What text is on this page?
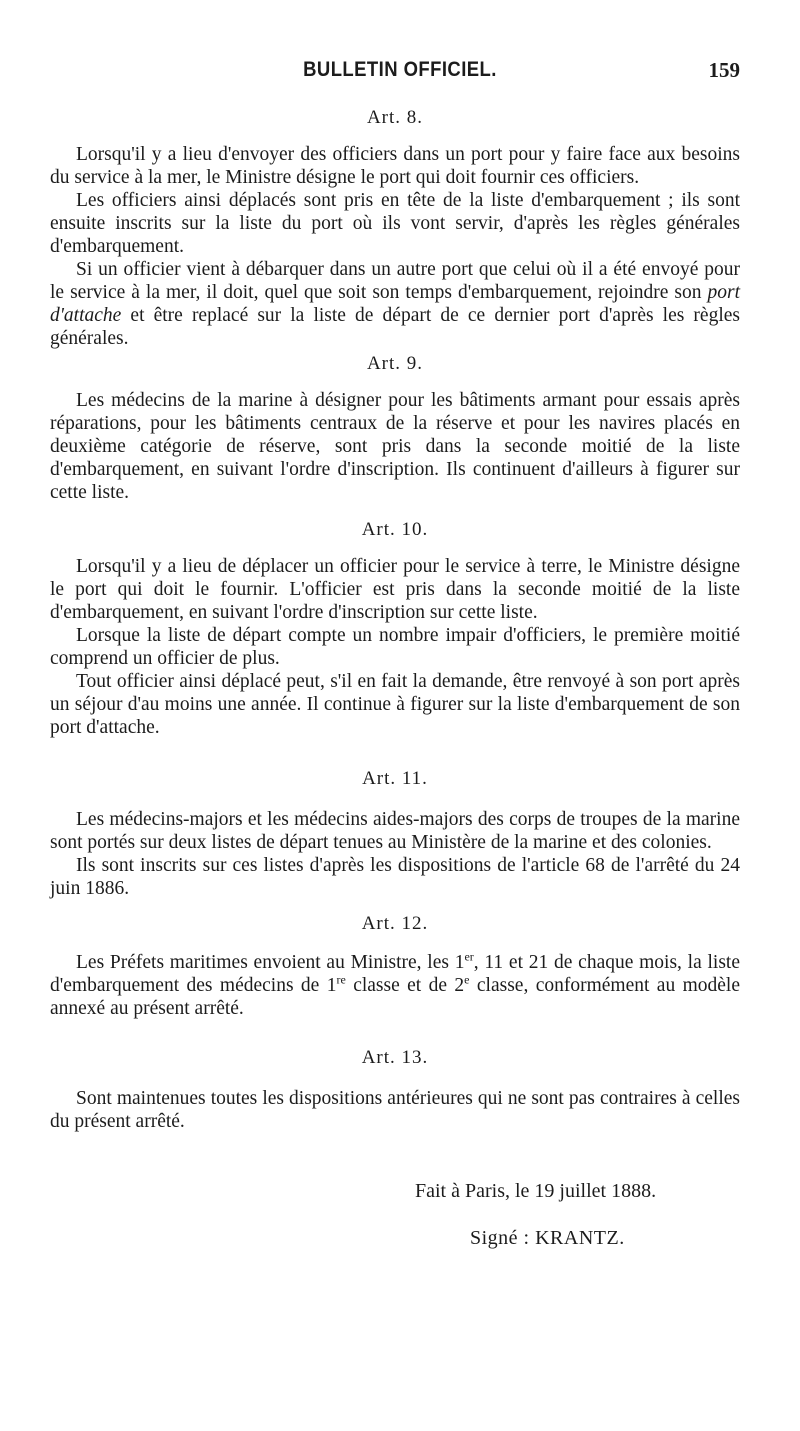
BULLETIN OFFICIEL.	159
Art. 8.

Lorsqu'il y a lieu d'envoyer des officiers dans un port pour y faire face aux besoins du service à la mer, le Ministre désigne le port qui doit fournir ces officiers.

Les officiers ainsi déplacés sont pris en tête de la liste d'embarquement ; ils sont ensuite inscrits sur la liste du port où ils vont servir, d'après les règles générales d'embarquement.

Si un officier vient à débarquer dans un autre port que celui où il a été envoyé pour le service à la mer, il doit, quel que soit son temps d'embarquement, rejoindre son port d'attache et être replacé sur la liste de départ de ce dernier port d'après les règles générales.

Art. 9.

Les médecins de la marine à désigner pour les bâtiments armant pour essais après réparations, pour les bâtiments centraux de la réserve et pour les navires placés en deuxième catégorie de réserve, sont pris dans la seconde moitié de la liste d'embarquement, en suivant l'ordre d'inscription. Ils continuent d'ailleurs à figurer sur cette liste.

Art. 10.

Lorsqu'il y a lieu de déplacer un officier pour le service à terre, le Ministre désigne le port qui doit le fournir. L'officier est pris dans la seconde moitié de la liste d'embarquement, en suivant l'ordre d'inscription sur cette liste.

Lorsque la liste de départ compte un nombre impair d'officiers, le première moitié comprend un officier de plus.

Tout officier ainsi déplacé peut, s'il en fait la demande, être renvoyé à son port après un séjour d'au moins une année. Il continue à figurer sur la liste d'embarquement de son port d'attache.

Art. 11.

Les médecins-majors et les médecins aides-majors des corps de troupes de la marine sont portés sur deux listes de départ tenues au Ministère de la marine et des colonies.

Ils sont inscrits sur ces listes d'après les dispositions de l'article 68 de l'arrêté du 24 juin 1886.

Art. 12.

Les Préfets maritimes envoient au Ministre, les 1er, 11 et 21 de chaque mois, la liste d'embarquement des médecins de 1re classe et de 2e classe, conformément au modèle annexé au présent arrêté.

Art. 13.

Sont maintenues toutes les dispositions antérieures qui ne sont pas contraires à celles du présent arrêté.

Fait à Paris, le 19 juillet 1888.
Signé : KRANTZ.
